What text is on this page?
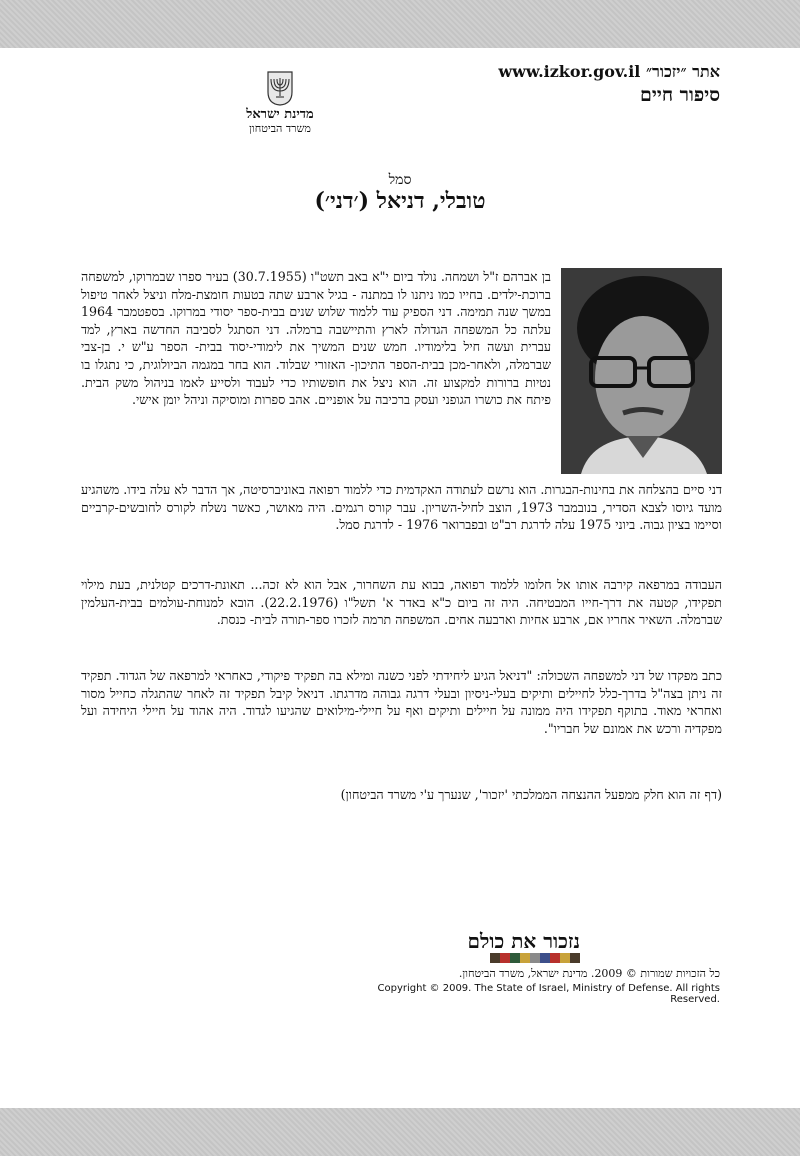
אתר ״יזכור״ www.izkor.gov.il
סיפור חיים
מדינת ישראל
משרד הביטחון
סמל
טובלי, דניאל (׳דני׳)
בן אברהם ז"ל ושמחה. נולד ביום י"א באב תשט"ו (30.7.1955) בעיר ספרו שבמרוקו, למשפחה ברוכת-ילדים. בחייו כמו ניתנו לו במתנה - בגיל ארבע שתה בטעות חומצת-מלח וניצל לאחר טיפול במשך שנה תמימה. דני הספיק עוד ללמוד שלוש שנים בבית-ספר יסודי במרוקו. בספטמבר 1964 עלתה כל המשפחה הגדולה לארץ והתיישבה ברמלה. דני הסתגל לסביבה החדשה בארץ, למד עברית ועשה חיל בלימודיו. חמש שנים המשיך את לימודי-יסוד בבית- הספר ע"ש י. בן-צבי שברמלה, ולאחר-מכן בבית-הספר התיכון- האזורי שבלוד. הוא בחר במגמה הביולוגית, כי נתגלו בו נטיות ברורות למקצוע זה. הוא ניצל את חופשותיו כדי לעבוד ולסייע לאמו בניהול משק הבית. פיתח את כושרו הגופני ועסק ברכיבה על אופניים. אהב ספרות ומוסיקה וניהל יומן אישי.
דני סיים בהצלחה את בחינות-הבגרות. הוא נרשם לעתודה האקדמית כדי ללמוד רפואה באוניברסיטה, אך הדבר לא עלה בידו. משהגיע מועד גיוסו לצבא הסדיר, בנובמבר 1973, הוצב לחיל-השריון. עבר קורס רגמים. היה מאושר, כאשר נשלח לקורס לחובשים-קרביים וסיימו בציון גבוה. ביוני 1975 עלה לדרגת רב"ט ובפברואר 1976 - לדרגת סמל.
העבודה במרפאה קירבה אותו אל חלומו ללמוד רפואה, בבוא עת השחרור, אבל הוא לא זכה... תאונת-דרכים קטלנית, בעת מילוי תפקידו, קטעה את דרך-חייו המבטיחה. היה זה ביום כ"א באדר א' תשל"ו (22.2.1976). הובא למנוחת-עולמים בבית-העלמין שברמלה. השאיר אחריו אם, ארבע אחיות וארבעה אחים. המשפחה תרמה לזכרו ספר-תורה לבית- כנסת.
כתב מפקדו של דני למשפחה השכולה: "דניאל הגיע ליחידתי לפני כשנה ומילא בה תפקיד פיקודי, כאחראי למרפאה של הגדוד. תפקיד זה ניתן בצה"ל בדרך-כלל לחיילים ותיקים בעלי-ניסיון ובעלי דרגה גבוהה מדרגתו. דניאל קיבל תפקיד זה לאחר שהתגלה כחייל מסור ואחראי מאוד. בתוקף תפקידו היה ממונה על חיילים ותיקים ואף על חיילי-מילואים שהגיעו לגדוד. היה אהוד על חיילי היחידה ועל מפקדיה ורכש את אמונם של חבריו".
(דף זה הוא חלק ממפעל ההנצחה הממלכתי 'יזכור', שנערך ע'י משרד הביטחון)
נזכור את כולם
כל הזכויות שמורות © 2009. מדינת ישראל, משרד הביטחון.
Copyright © 2009. The State of Israel, Ministry of Defense. All rights Reserved.
